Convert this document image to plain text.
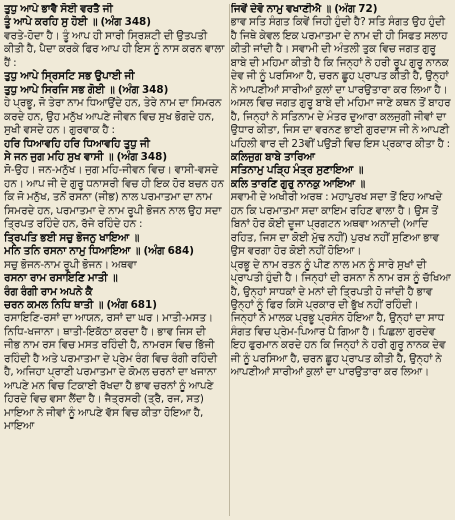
ਤੁਧੁ ਆਪੇ ਭਾਵੈ ਸੋਈ ਵਰਤੈ ਜੀ

ਤੂੰ ਆਪੇ ਕਰਹਿ ਸੁ ਹੋਈ ॥ (ਅੰਗ 348)

ਵਰਤੇ-ਹੋਦਾ ਹੈ। ਤੂੰ ਆਪ ਹੀ ਸਾਰੀ ਸ੍ਰਿਸ਼ਟੀ ਦੀ ਉਤਪਤੀ ਕੀਤੀ ਹੈ, ਪੈਦਾ ਕਰਕੇ ਫਿਰ ਆਪ ਹੀ ਇਸ ਨੂੰ ਨਾਸ ਕਰਨ ਵਾਲਾ ਹੈਂ :

ਤੁਧੁ ਆਪੇ ਸ੍ਰਿਸਟਿ ਸਭ ਉਪਾਈ ਜੀ

ਤੁਧੁ ਆਪੇ ਸਿਰਜਿ ਸਭ ਗੋਈ ॥ (ਅੰਗ 348)

ਹੇ ਪ੍ਰਭੂ, ਜੋ ਤੇਰਾ ਨਾਮ ਧਿਆਉਂਦੇ ਹਨ, ਤੇਰੇ ਨਾਮ ਦਾ ਸਿਮਰਨ ਕਰਦੇ ਹਨ, ਉਹ ਮਨੁੱਖ ਆਪਣੇ ਜੀਵਨ ਵਿਚ ਸੁਖ ਭੋਗਦੇ ਹਨ, ਸੁਖੀ ਵਸਦੇ ਹਨ। ਗੁਰਵਾਕ ਹੈ :

ਹਰਿ ਧਿਆਵਹਿ ਹਰਿ ਧਿਆਵਹਿ ਤੁਧੁ ਜੀ

ਸੇ ਜਨ ਜੁਗ ਮਹਿ ਸੁਖ ਵਾਸੀ ॥ (ਅੰਗ 348)

ਸੋ-ਉਹ। ਜਨ-ਮਨੁੱਖ। ਜੁਗ ਮਹਿ-ਜੀਵਨ ਵਿਚ। ਵਾਸੀ-ਵਸਦੇ ਹਨ। ਆਪ ਜੀ ਦੇ ਗੁਰੂ ਧਨਾਸਰੀ ਵਿਚ ਹੀ ਇਕ ਹੋਰ ਬਚਨ ਹਨ ਕਿ ਜੋ ਮਨੁੱਖ, ਤਨੋਂ ਰਸਨਾ (ਜੀਭ) ਨਾਲ ਪਰਮਾਤਮਾ ਦਾ ਨਾਮ ਸਿਮਰਦੇ ਹਨ, ਪਰਮਾਤਮਾ ਦੇ ਨਾਮ ਰੂਪੀ ਭੋਜਨ ਨਾਲ ਉਹ ਸਦਾ ਤ੍ਰਿਪਤ ਰਹਿੰਦੇ ਹਨ, ਰੱਜੇ ਰਹਿੰਦੇ ਹਨ :

ਤ੍ਰਿਪਤਿ ਭਈ ਸਚੁ ਭੋਜਨੁ ਖਾਇਆ ॥

ਮਨਿ ਤਨਿ ਰਸਨਾ ਨਾਮੁ ਧਿਆਇਆ ॥ (ਅੰਗ 684)

ਸਚੁ ਭੋਜਨ-ਨਾਮ ਰੂਪੀ ਭੋਜਨ। ਅਥਵਾ

ਰਸਨਾ ਰਾਮ ਰਸਾਇਣਿ ਮਾਤੀ ॥

ਰੰਗ ਰੰਗੀ ਰਾਮ ਅਪਨੇ ਕੈ

ਚਰਨ ਕਮਲ ਨਿਧਿ ਥਾਤੀ ॥ (ਅੰਗ 681)

ਰਸਾਇਣਿ-ਰਸਾਂ ਦਾ ਆਯਨ, ਰਸਾਂ ਦਾ ਘਰ। ਮਾਤੀ-ਮਸਤ। ਨਿਧਿ-ਖਜਾਨਾ। ਥਾਤੀ-ਇਕੱਠਾ ਕਰਦਾ ਹੈ। ਭਾਵ ਜਿਸ ਦੀ ਜੀਭ ਨਾਮ ਰਸ ਵਿਚ ਮਸਤ ਰਹਿੰਦੀ ਹੈ, ਨਾਮਰਸ ਵਿਚ ਭਿੱਜੀ ਰਹਿੰਦੀ ਹੈ ਅਤੇ ਪਰਮਾਤਮਾ ਦੇ ਪ੍ਰੇਮ ਰੰਗ ਵਿਚ ਰੰਗੀ ਰਹਿੰਦੀ ਹੈ, ਅਜਿਹਾ ਪ੍ਰਾਣੀ ਪਰਮਾਤਮਾ ਦੇ ਕੋਮਲ ਚਰਨਾਂ ਦਾ ਖਜਾਨਾ ਆਪਣੇ ਮਨ ਵਿਚ ਟਿਕਾਈ ਰੱਖਦਾ ਹੈ ਭਾਵ ਚਰਨਾਂ ਨੂੰ ਆਪਣੇ ਹਿਰਦੇ ਵਿਚ ਵਸਾ ਲੈਂਦਾ ਹੈ। ਜੈਤ੍ਰਸਰੀ (ਤ੍ਰੈ, ਰਜ, ਸਤ) ਮਾਇਆ ਨੇ ਜੀਵਾਂ ਨੂੰ ਆਪਣੇ ਵੱਸ ਵਿਚ ਕੀਤਾ ਹੋਇਆ ਹੈ, ਮਾਇਆ

ਜਿਵੇਂ ਦੇਵੋ ਨਾਮੁ ਵਖਾਣੀਐ ॥ (ਅੰਗ 72)

ਭਾਵ ਸਤਿ ਸੰਗਤ ਕਿਵੇਂ ਜਿਹੀ ਹੁੰਦੀ ਹੈ? ਸਤਿ ਸੰਗਤ ਉਹ ਹੁੰਦੀ ਹੈ ਜਿਥੇ ਕੇਵਲ ਇਕ ਪਰਮਾਤਮਾ ਦੇ ਨਾਮ ਦੀ ਹੀ ਸਿਫਤ ਸਲਾਹ ਕੀਤੀ ਜਾਂਦੀ ਹੈ। ਸਵਾਮੀ ਦੀ ਅੰਤਲੀ ਤੁਕ ਵਿਚ ਜਗਤ ਗੁਰੂ ਬਾਬੇ ਦੀ ਮਹਿਮਾ ਕੀਤੀ ਹੈ ਕਿ ਜਿਨ੍ਹਾਂ ਨੇ ਹਰੀ ਰੂਪ ਗੁਰੂ ਨਾਨਕ ਦੇਵ ਜੀ ਨੂੰ ਪਰਸਿਆ ਹੈ, ਚਰਨ ਛੂਹ ਪ੍ਰਾਪਤ ਕੀਤੀ ਹੈ, ਉਨ੍ਹਾਂ ਨੇ ਆਪਣੀਆਂ ਸਾਰੀਆਂ ਕੁਲਾਂ ਦਾ ਪਾਰਉਤਾਰਾ ਕਰ ਲਿਆ ਹੈ।

ਅਸਲ ਵਿਚ ਜਗਤ ਗੁਰੂ ਬਾਬੇ ਦੀ ਮਹਿਮਾ ਜਾਣੇ ਕਥਨ ਤੋਂ ਬਾਹਰ ਹੈ, ਜਿਨ੍ਹਾਂ ਨੇ ਸਤਿਨਾਮ ਦੇ ਮੰਤਰ ਦੁਆਰਾ ਕਲਜੁਗੀ ਜੀਵਾਂ ਦਾ ਉਧਾਰ ਕੀਤਾ, ਜਿਸ ਦਾ ਵਰਨਣ ਭਾਈ ਗੁਰਦਾਸ ਜੀ ਨੇ ਆਪਣੀ ਪਹਿਲੀ ਵਾਰ ਦੀ 23ਵੀਂ ਪਉੜੀ ਵਿਚ ਇਸ ਪ੍ਰਕਾਰ ਕੀਤਾ ਹੈ :

ਕਲਿਜੁਗ ਬਾਬੇ ਤਾਰਿਆ

ਸਤਿਨਾਮੁ ਪੜ੍ਹਿ ਮੰਤ੍ਰ ਸੁਣਾਇਆ ॥

ਕਲਿ ਤਾਰਣਿ ਗੁਰੁ ਨਾਨਕੁ ਆਇਆ ॥

ਸਵਾਮੀ ਦੇ ਅਖੀਰੀ ਅਰਥ : ਮਹਾਪੁਰਖ ਸਦਾ ਤੋਂ ਇਹ ਆਖਦੇ ਹਨ ਕਿ ਪਰਮਾਤਮਾ ਸਦਾ ਕਾਇਮ ਰਹਿਣ ਵਾਲਾ ਹੈ। ਉਸ ਤੋਂ ਬਿਨਾਂ ਹੋਰ ਕੋਈ ਦੂਜਾ ਪ੍ਰਗਟਨ ਅਥਵਾ ਅਨਾਦੀ (ਆਦਿ ਰਹਿਤ, ਜਿਸ ਦਾ ਕੋਈ ਮੁੱਢ ਨਹੀਂ) ਪੁਰਖ ਨਹੀਂ ਸੁਣਿਆ ਭਾਵ ਉਸ ਵਰਗਾ ਹੋਰ ਕੋਈ ਨਹੀਂ ਹੋਇਆ।

ਪ੍ਰਭੂ ਦੇ ਨਾਮ ਰਤਨ ਨੂੰ ਪੀਣ ਨਾਲ ਮਨ ਨੂੰ ਸਾਰੇ ਸੁਖਾਂ ਦੀ ਪ੍ਰਾਪਤੀ ਹੁੰਦੀ ਹੈ। ਜਿਨ੍ਹਾਂ ਦੀ ਰਸਨਾ ਨੇ ਨਾਮ ਰਸ ਨੂੰ ਚੱਖਿਆ ਹੈ, ਉਨ੍ਹਾਂ ਸਾਧਕਾਂ ਦੇ ਮਨਾਂ ਦੀ ਤ੍ਰਿਪਤੀ ਹੋ ਜਾਂਦੀ ਹੈ ਭਾਵ ਉਨ੍ਹਾਂ ਨੂੰ ਫਿਰ ਕਿਸੇ ਪ੍ਰਕਾਰ ਦੀ ਭੁੱਖ ਨਹੀਂ ਰਹਿੰਦੀ।

ਜਿਨ੍ਹਾਂ ਨੇ ਮਾਲਕ ਪ੍ਰਭੂ ਪ੍ਰਸੰਨ ਹੋਇਆ ਹੈ, ਉਨ੍ਹਾਂ ਦਾ ਸਾਧ ਸੰਗਤ ਵਿਚ ਪ੍ਰੇਮ-ਪਿਆਰ ਪੈ ਗਿਆ ਹੈ। ਪਿਛਲਾ ਗੁਰਦੇਵ ਇਹ ਫੁਰਮਾਨ ਕਰਦੇ ਹਨ ਕਿ ਜਿਨ੍ਹਾਂ ਨੇ ਹਰੀ ਗੁਰੂ ਨਾਨਕ ਦੇਵ ਜੀ ਨੂੰ ਪਰਸਿਆ ਹੈ, ਚਰਨ ਛੂਹ ਪ੍ਰਾਪਤ ਕੀਤੀ ਹੈ, ਉਨ੍ਹਾਂ ਨੇ ਆਪਣੀਆਂ ਸਾਰੀਆਂ ਕੁਲਾਂ ਦਾ ਪਾਰਉਤਾਰਾ ਕਰ ਲਿਆ।
